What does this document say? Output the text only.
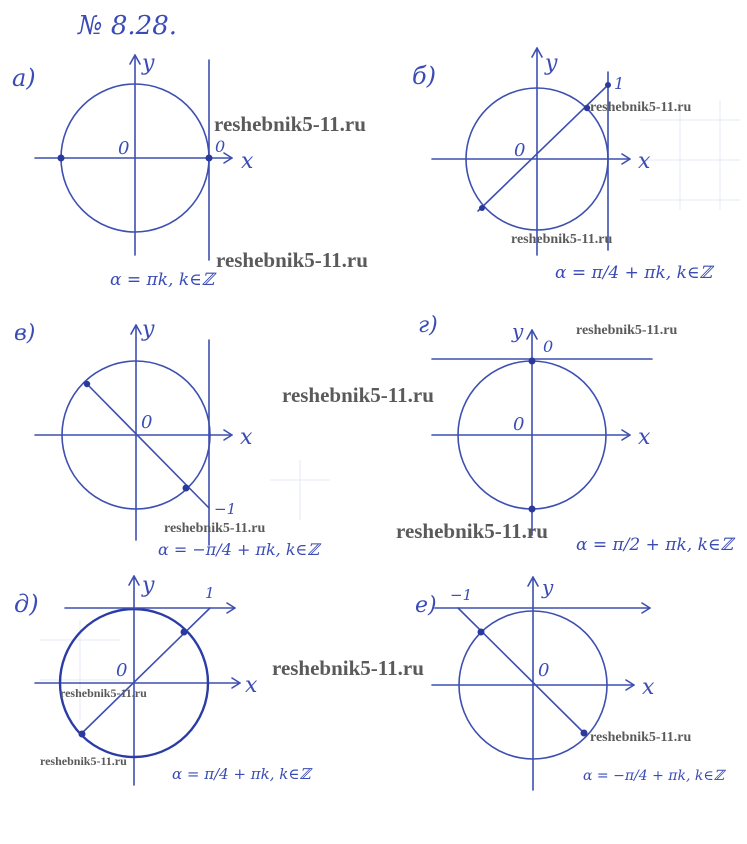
№ 8.28.
а)
x
y
0	0
α = πk, k∈ℤ
б)
x
y
0
1
α = π/4 + πk, k∈ℤ
в)
x
y
0
−1
α = −π/4 + πk, k∈ℤ
г)
x
y
0
0
α = π/2 + πk, k∈ℤ
д)
x
y
0
1
α = π/4 + πk, k∈ℤ
е)
x
y
0
−1
α = −π/4 + πk, k∈ℤ
reshebnik5-11.ru
reshebnik5-11.ru
reshebnik5-11.ru
reshebnik5-11.ru
reshebnik5-11.ru
reshebnik5-11.ru
reshebnik5-11.ru	reshebnik5-11.ru
reshebnik5-11.ru
reshebnik5-11.ru
reshebnik5-11.ru
reshebnik5-11.ru
